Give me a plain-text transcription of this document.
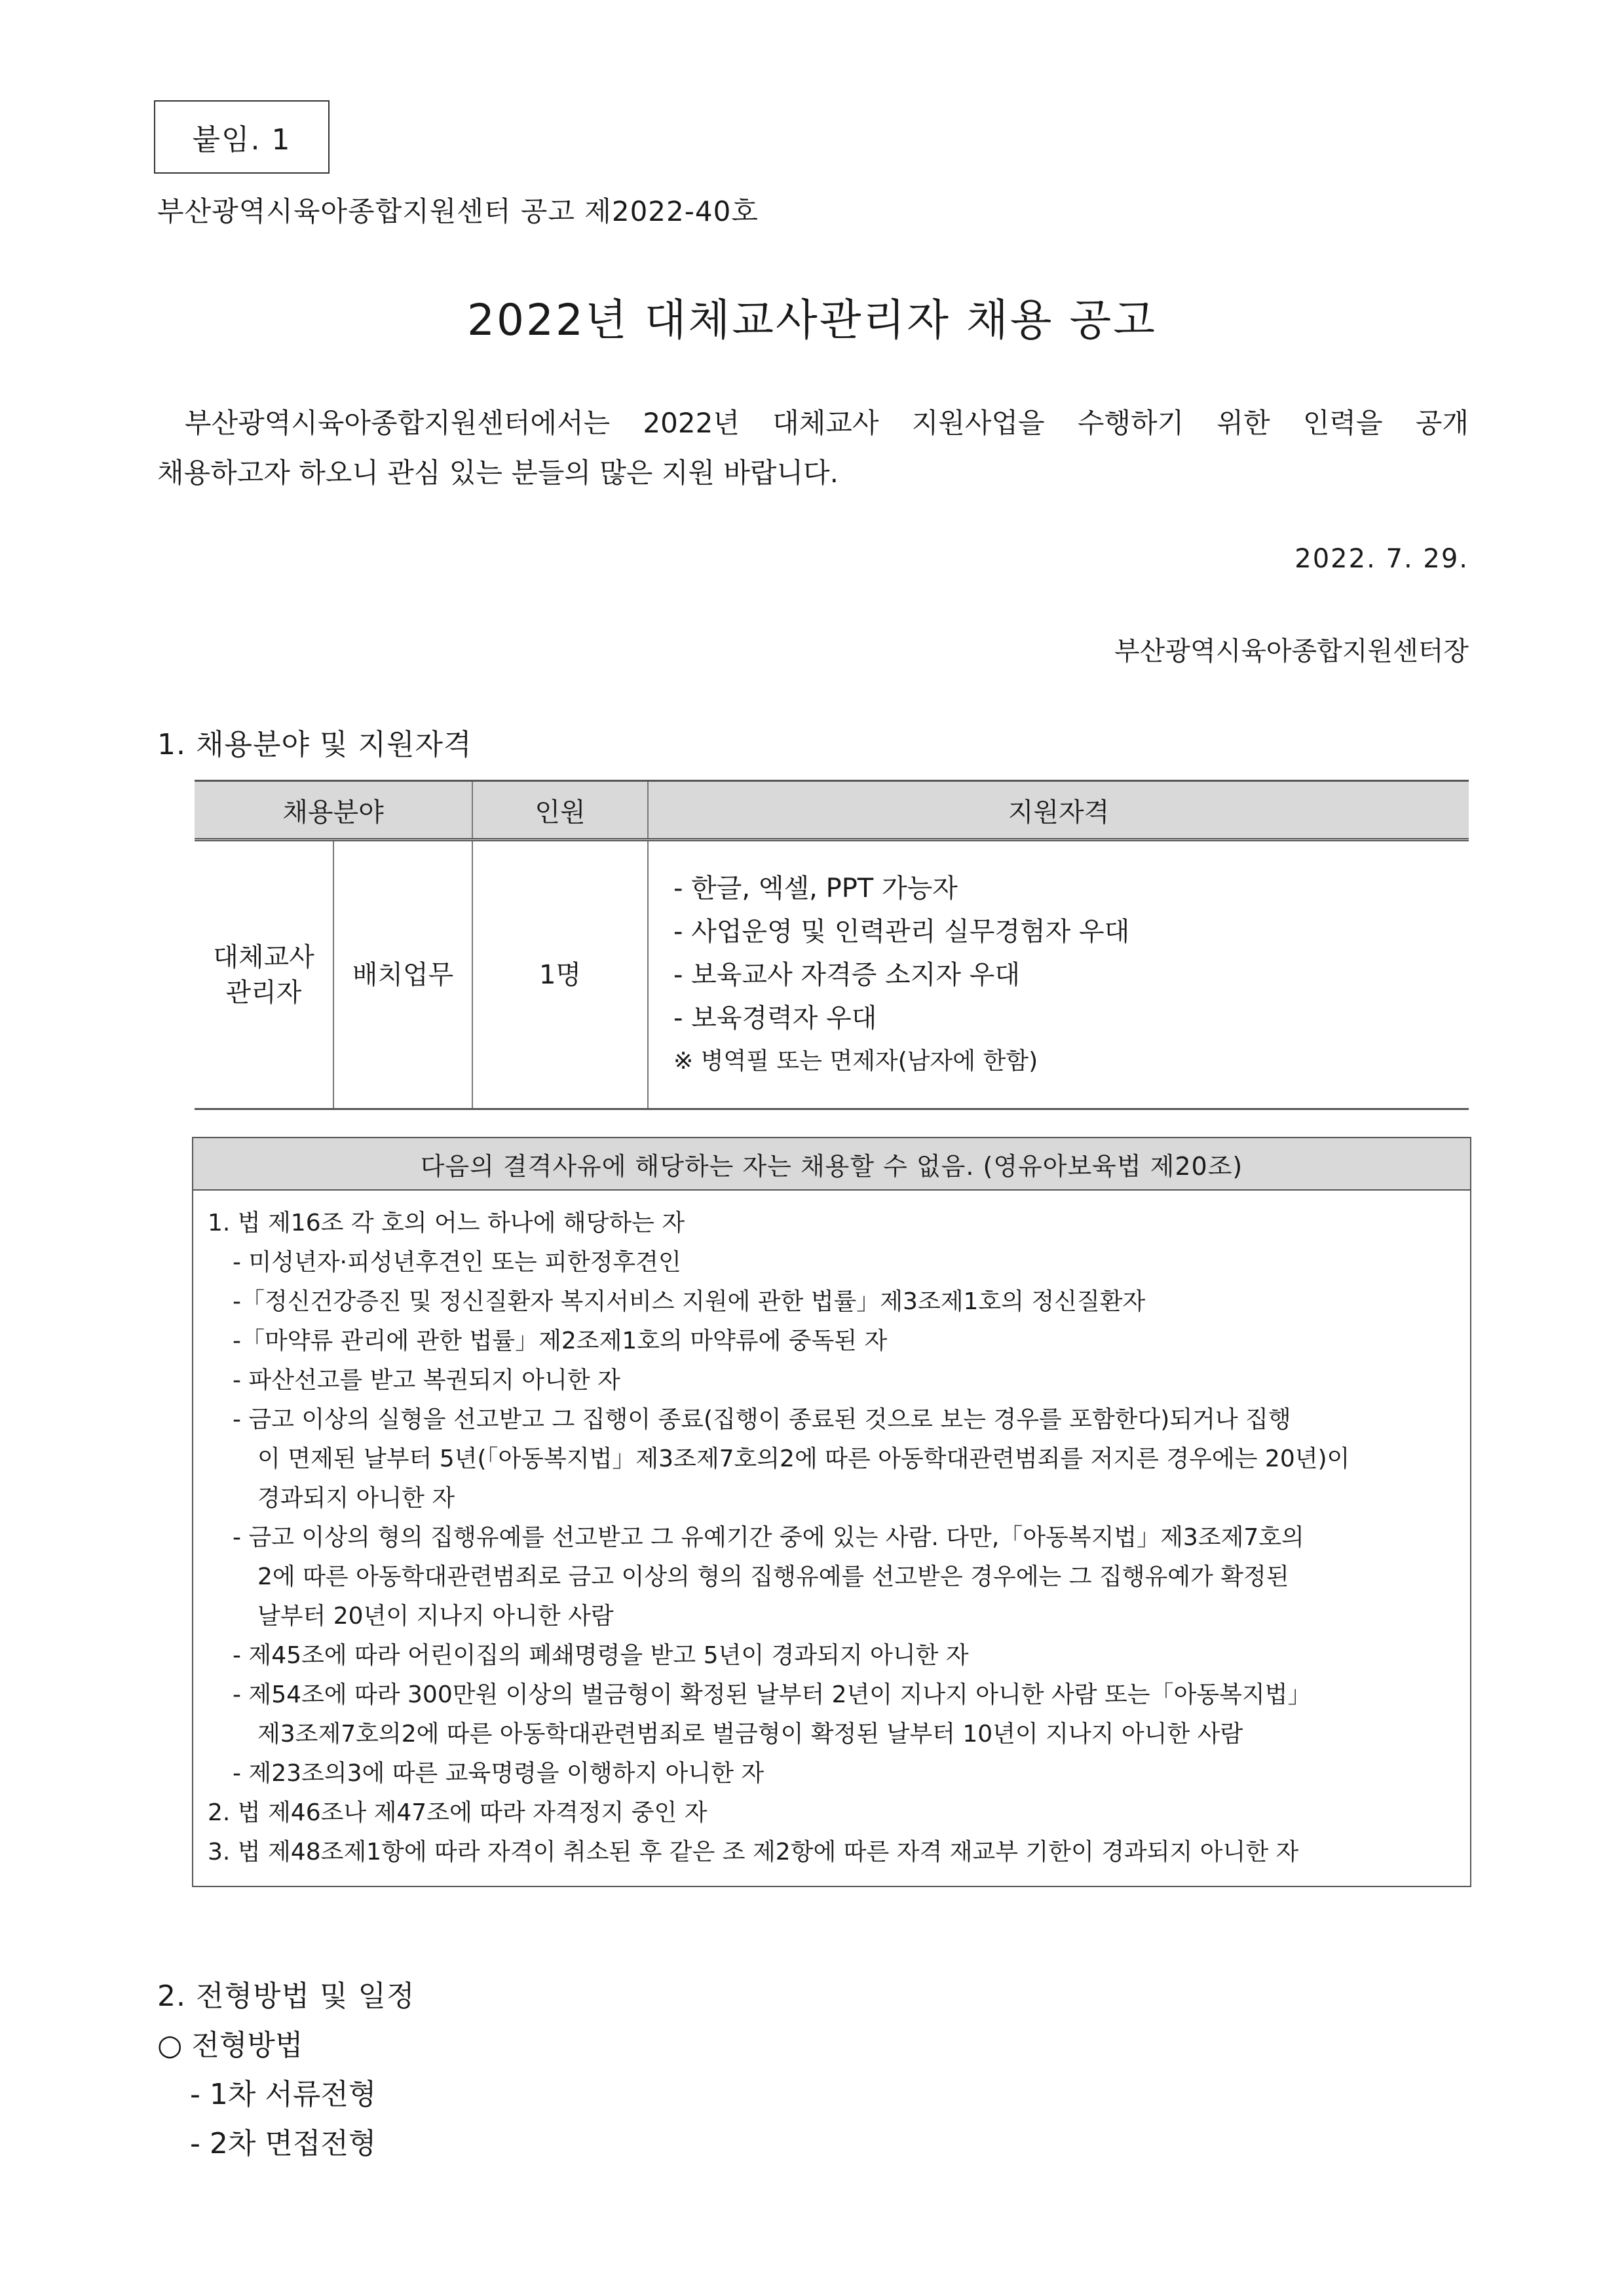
붙임. 1
부산광역시육아종합지원센터 공고 제2022-40호
2022년 대체교사관리자 채용 공고
부산광역시육아종합지원센터에서는 2022년 대체교사 지원사업을 수행하기 위한 인력을 공개
채용하고자 하오니 관심 있는 분들의 많은 지원 바랍니다.
2022. 7. 29.
부산광역시육아종합지원센터장
1. 채용분야 및 지원자격
채용분야		인원	지원자격

대체교사
관리자	배치업무	1명	- 한글, 엑셀, PPT 가능자
- 사업운영 및 인력관리 실무경험자 우대
- 보육교사 자격증 소지자 우대
- 보육경력자 우대
※ 병역필 또는 면제자(남자에 한함)
다음의 결격사유에 해당하는 자는 채용할 수 없음. (영유아보육법 제20조)
1. 법 제16조 각 호의 어느 하나에 해당하는 자
- 미성년자·피성년후견인 또는 피한정후견인
-「정신건강증진 및 정신질환자 복지서비스 지원에 관한 법률」제3조제1호의 정신질환자
-「마약류 관리에 관한 법률」제2조제1호의 마약류에 중독된 자
- 파산선고를 받고 복권되지 아니한 자
- 금고 이상의 실형을 선고받고 그 집행이 종료(집행이 종료된 것으로 보는 경우를 포함한다)되거나 집행
이 면제된 날부터 5년(「아동복지법」제3조제7호의2에 따른 아동학대관련범죄를 저지른 경우에는 20년)이
경과되지 아니한 자
- 금고 이상의 형의 집행유예를 선고받고 그 유예기간 중에 있는 사람. 다만,「아동복지법」제3조제7호의
2에 따른 아동학대관련범죄로 금고 이상의 형의 집행유예를 선고받은 경우에는 그 집행유예가 확정된
날부터 20년이 지나지 아니한 사람
- 제45조에 따라 어린이집의 폐쇄명령을 받고 5년이 경과되지 아니한 자
- 제54조에 따라 300만원 이상의 벌금형이 확정된 날부터 2년이 지나지 아니한 사람 또는「아동복지법」
제3조제7호의2에 따른 아동학대관련범죄로 벌금형이 확정된 날부터 10년이 지나지 아니한 사람
- 제23조의3에 따른 교육명령을 이행하지 아니한 자
2. 법 제46조나 제47조에 따라 자격정지 중인 자
3. 법 제48조제1항에 따라 자격이 취소된 후 같은 조 제2항에 따른 자격 재교부 기한이 경과되지 아니한 자
2. 전형방법 및 일정
○ 전형방법
- 1차 서류전형
- 2차 면접전형
